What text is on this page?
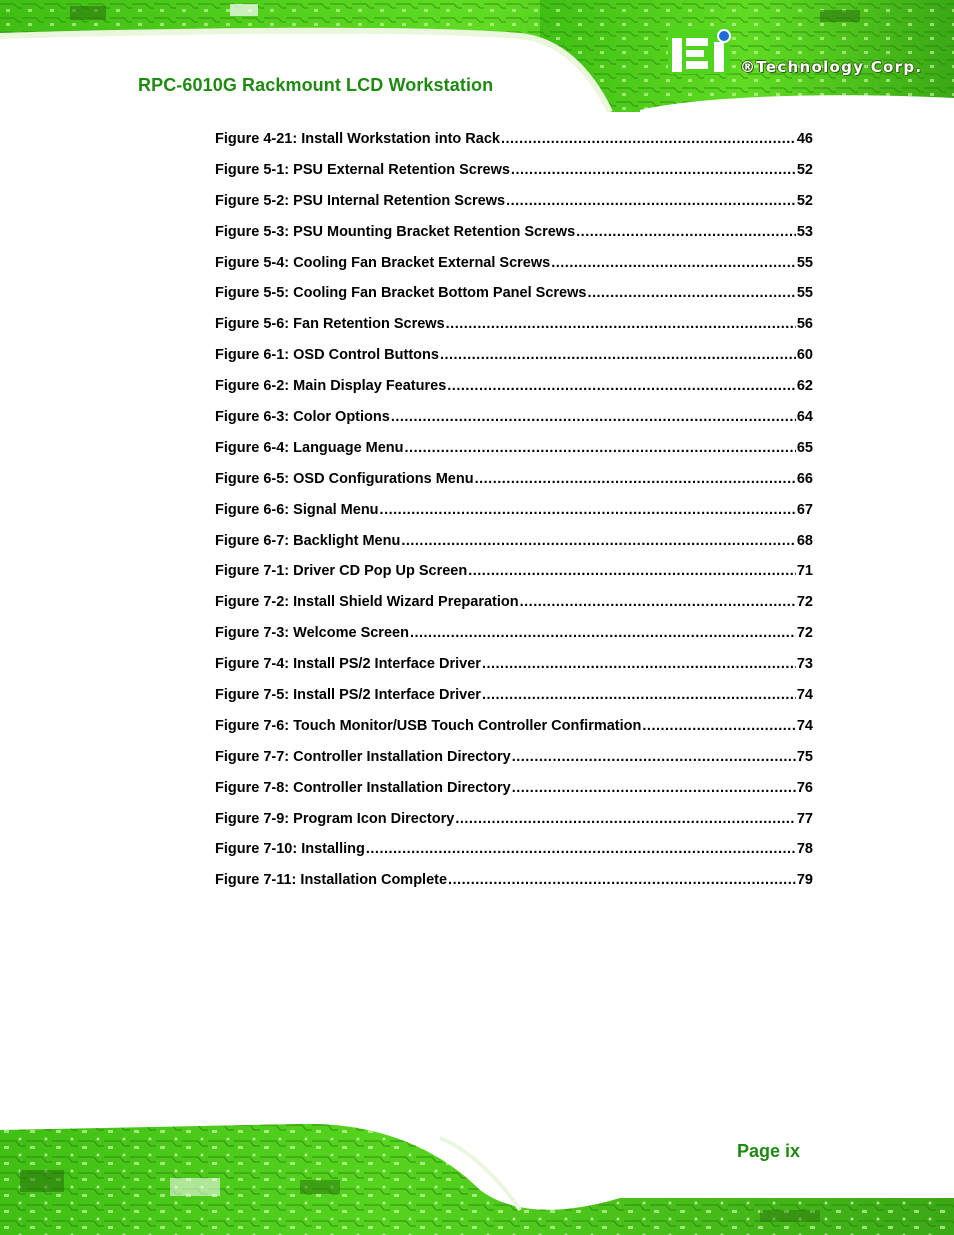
®Technology Corp.
RPC-6010G Rackmount LCD Workstation
Figure 4-21: Install Workstation into Rack .....	46
Figure 5-1: PSU External Retention Screws .....	52
Figure 5-2: PSU Internal Retention Screws .....	52
Figure 5-3: PSU Mounting Bracket Retention Screws .....	53
Figure 5-4: Cooling Fan Bracket External Screws .....	55
Figure 5-5: Cooling Fan Bracket Bottom Panel Screws .....	55
Figure 5-6: Fan Retention Screws .....	56
Figure 6-1: OSD Control Buttons .....	60
Figure 6-2: Main Display Features .....	62
Figure 6-3: Color Options .....	64
Figure 6-4: Language Menu .....	65
Figure 6-5: OSD Configurations Menu .....	66
Figure 6-6: Signal Menu .....	67
Figure 6-7: Backlight Menu .....	68
Figure 7-1: Driver CD Pop Up Screen .....	71
Figure 7-2: Install Shield Wizard Preparation .....	72
Figure 7-3: Welcome Screen .....	72
Figure 7-4: Install PS/2 Interface Driver .....	73
Figure 7-5: Install PS/2 Interface Driver .....	74
Figure 7-6: Touch Monitor/USB Touch Controller Confirmation .....	74
Figure 7-7: Controller Installation Directory .....	75
Figure 7-8: Controller Installation Directory .....	76
Figure 7-9: Program Icon Directory .....	77
Figure 7-10: Installing .....	78
Figure 7-11: Installation Complete .....	79
Page ix
